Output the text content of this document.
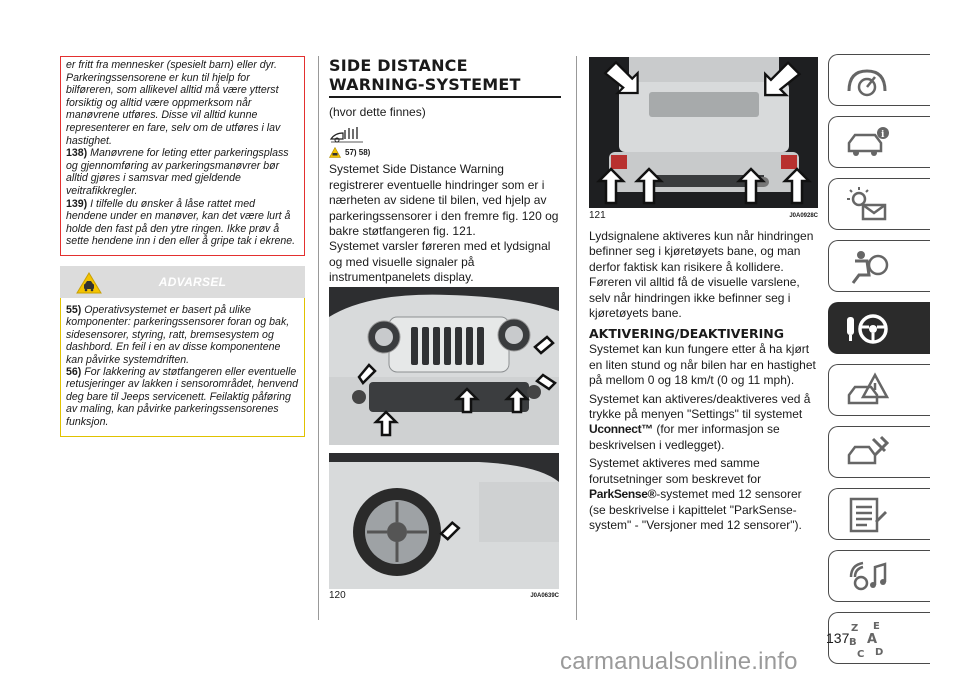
er fritt fra mennesker (spesielt barn) eller dyr. Parkeringssensorene er kun til hjelp for bilføreren, som allikevel alltid må være ytterst forsiktig og alltid være oppmerksom når manøvrene utføres. Disse vil alltid kunne representerer en fare, selv om de utføres i lav hastighet.
138) Manøvrene for leting etter parkeringsplass og gjennomføring av parkeringsmanøvrer bør alltid gjøres i samsvar med gjeldende veitrafikkregler.
139) I tilfelle du ønsker å låse rattet med hendene under en manøver, kan det være lurt å holde den fast på den ytre ringen. Ikke prøv å sette hendene inn i den eller å gripe tak i ekrene.
ADVARSEL

55) Operativsystemet er basert på ulike komponenter: parkeringssensorer foran og bak, sidesensorer, styring, ratt, bremsesystem og dashbord. En feil i en av disse komponentene kan påvirke systemdriften.

56) For lakkering av støtfangeren eller eventuelle retusjeringer av lakken i sensorområdet, henvend deg bare til Jeeps servicenett. Feilaktig påføring av maling, kan påvirke parkeringssensorenes funksjon.

SIDE DISTANCE WARNING-SYSTEMET
(hvor dette finnes)
57) 58)
Systemet Side Distance Warning registrerer eventuelle hindringer som er i nærheten av sidene til bilen, ved hjelp av parkeringssensorer i den fremre fig. 120 og bakre støtfangeren fig. 121.
Systemet varsler føreren med et lydsignal og med visuelle signaler på instrumentpanelets display.
120	J0A0639C
121	J0A0928C
Lydsignalene aktiveres kun når hindringen befinner seg i kjøretøyets bane, og man derfor faktisk kan risikere å kollidere.
Føreren vil alltid få de visuelle varslene, selv når hindringen ikke befinner seg i kjøretøyets bane.
AKTIVERING/DEAKTIVERING
Systemet kan kun fungere etter å ha kjørt en liten stund og når bilen har en hastighet på mellom 0 og 18 km/t (0 og 11 mph).
Systemet kan aktiveres/deaktiveres ved å trykke på menyen "Settings" til systemet Uconnect™ (for mer informasjon se beskrivelsen i vedlegget).
Systemet aktiveres med samme forutsetninger som beskrevet for ParkSense®-systemet med 12 sensorer (se beskrivelse i kapittelet "ParkSense-system" - "Versjoner med 12 sensorer").
i
Z E
B A
C D
137
carmanualsonline.info
